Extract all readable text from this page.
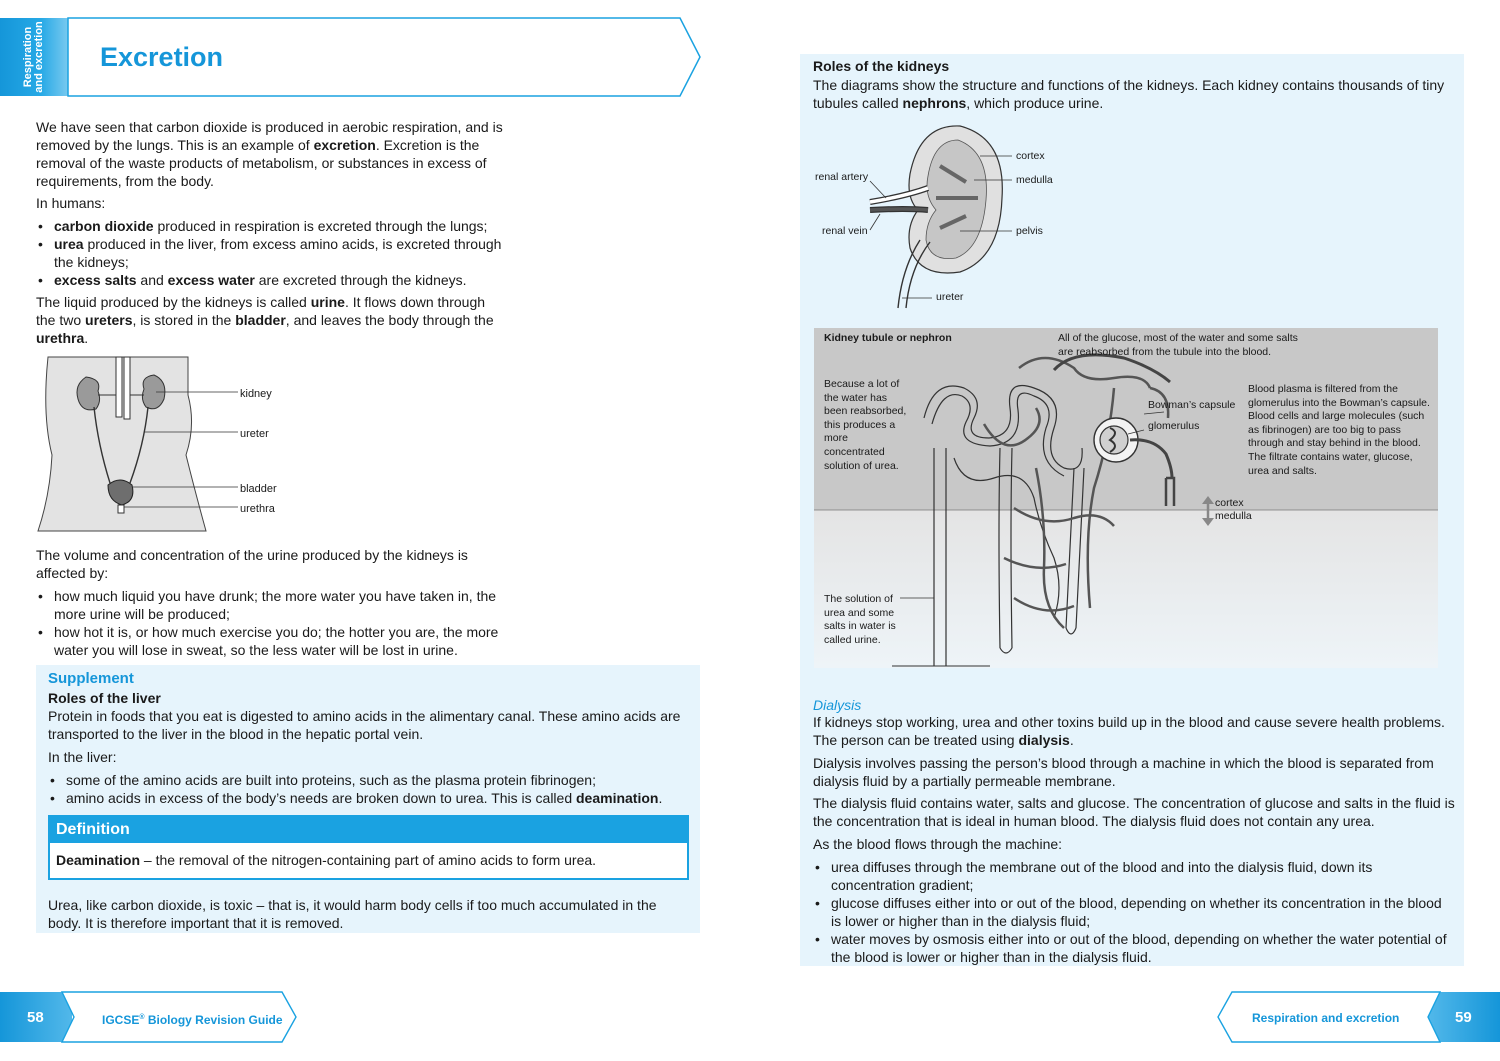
Respiration and excretion	Excretion

We have seen that carbon dioxide is produced in aerobic respiration, and is removed by the lungs. This is an example of excretion. Excretion is the removal of the waste products of metabolism, or substances in excess of requirements, from the body.

In humans:
• carbon dioxide produced in respiration is excreted through the lungs;
• urea produced in the liver, from excess amino acids, is excreted through the kidneys;
• excess salts and excess water are excreted through the kidneys.

The liquid produced by the kidneys is called urine. It flows down through the two ureters, is stored in the bladder, and leaves the body through the urethra.

kidney
ureter
bladder
urethra
The volume and concentration of the urine produced by the kidneys is affected by:
• how much liquid you have drunk; the more water you have taken in, the more urine will be produced;
• how hot it is, or how much exercise you do; the hotter you are, the more water you will lose in sweat, so the less water will be lost in urine.
Supplement
Roles of the liver
Protein in foods that you eat is digested to amino acids in the alimentary canal. These amino acids are transported to the liver in the blood in the hepatic portal vein.
In the liver:
• some of the amino acids are built into proteins, such as the plasma protein fibrinogen;
• amino acids in excess of the body’s needs are broken down to urea. This is called deamination.
Urea, like carbon dioxide, is toxic – that is, it would harm body cells if too much accumulated in the body. It is therefore important that it is removed.
Definition
Deamination – the removal of the nitrogen-containing part of amino acids to form urea.
Roles of the kidneys

The diagrams show the structure and functions of the kidneys. Each kidney contains thousands of tiny tubules called nephrons, which produce urine.

cortex
medulla
pelvis
ureter
renal artery
renal vein
Kidney tubule or nephron	All of the glucose, most of the water and some salts are reabsorbed from the tubule into the blood.
Because a lot of the water has been reabsorbed, this produces a more concentrated solution of urea.
Bowman’s capsule
glomerulus
Blood plasma is filtered from the glomerulus into the Bowman’s capsule. Blood cells and large molecules (such as fibrinogen) are too big to pass through and stay behind in the blood. The filtrate contains water, glucose, urea and salts.
cortex
medulla
The solution of urea and some salts in water is called urine.
Dialysis

If kidneys stop working, urea and other toxins build up in the blood and cause severe health problems. The person can be treated using dialysis.

Dialysis involves passing the person’s blood through a machine in which the blood is separated from dialysis fluid by a partially permeable membrane.
The dialysis fluid contains water, salts and glucose. The concentration of glucose and salts in the fluid is the concentration that is ideal in human blood. The dialysis fluid does not contain any urea.
As the blood flows through the machine:
• urea diffuses through the membrane out of the blood and into the dialysis fluid, down its concentration gradient;
• glucose diffuses either into or out of the blood, depending on whether its concentration in the blood is lower or higher than in the dialysis fluid;
• water moves by osmosis either into or out of the blood, depending on whether the water potential of the blood is lower or higher than in the dialysis fluid.
58	IGCSE® Biology Revision Guide	Respiration and excretion	59
